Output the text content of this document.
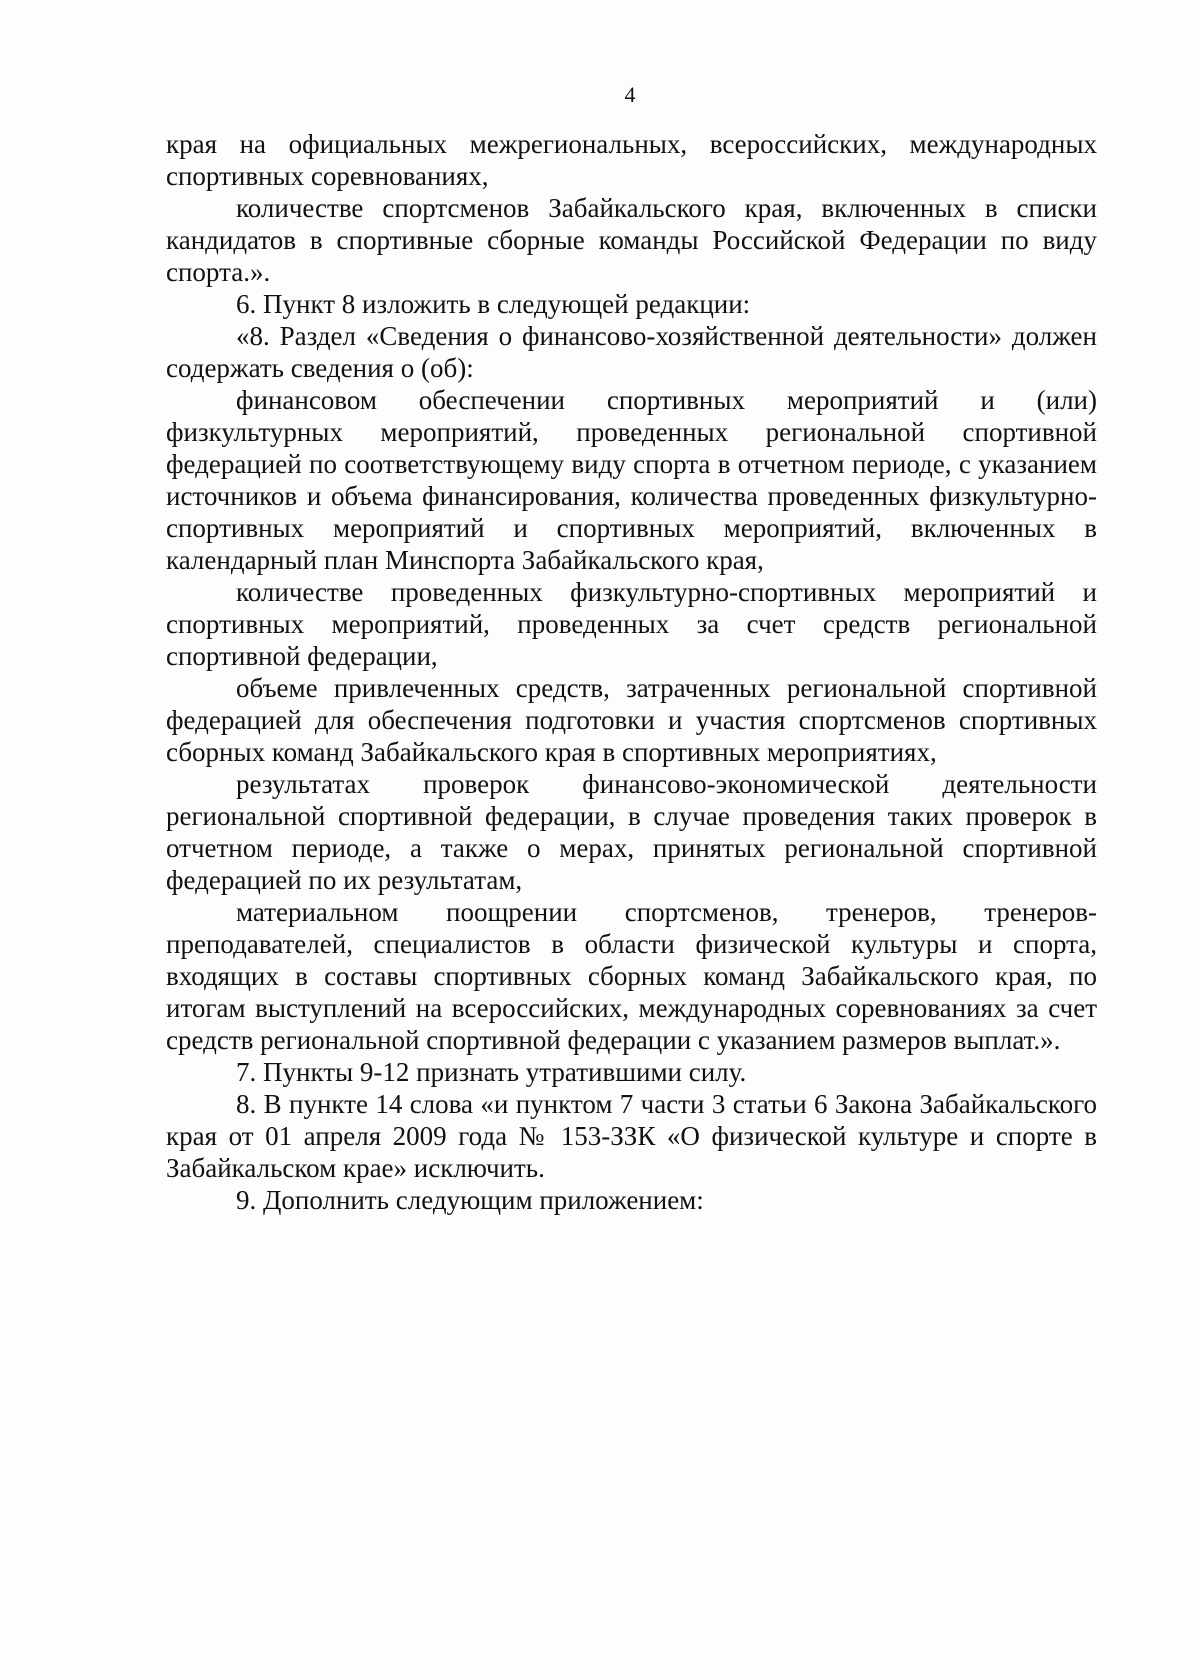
4

края на официальных межрегиональных, всероссийских, международных спортивных соревнованиях,

количестве спортсменов Забайкальского края, включенных в списки кандидатов в спортивные сборные команды Российской Федерации по виду спорта.».

6. Пункт 8 изложить в следующей редакции:

«8. Раздел «Сведения о финансово-хозяйственной деятельности» должен содержать сведения о (об):

финансовом обеспечении спортивных мероприятий и (или) физкультурных мероприятий, проведенных региональной спортивной федерацией по соответствующему виду спорта в отчетном периоде, с указанием источников и объема финансирования, количества проведенных физкультурно-спортивных мероприятий и спортивных мероприятий, включенных в календарный план Минспорта Забайкальского края,

количестве проведенных физкультурно-спортивных мероприятий и спортивных мероприятий, проведенных за счет средств региональной спортивной федерации,

объеме привлеченных средств, затраченных региональной спортивной федерацией для обеспечения подготовки и участия спортсменов спортивных сборных команд Забайкальского края в спортивных мероприятиях,

результатах проверок финансово-экономической деятельности региональной спортивной федерации, в случае проведения таких проверок в отчетном периоде, а также о мерах, принятых региональной спортивной федерацией по их результатам,

материальном поощрении спортсменов, тренеров, тренеров-преподавателей, специалистов в области физической культуры и спорта, входящих в составы спортивных сборных команд Забайкальского края, по итогам выступлений на всероссийских, международных соревнованиях за счет средств региональной спортивной федерации с указанием размеров выплат.».

7. Пункты 9-12 признать утратившими силу.

8. В пункте 14 слова «и пунктом 7 части 3 статьи 6 Закона Забайкальского края от 01 апреля 2009 года № 153-ЗЗК «О физической культуре и спорте в Забайкальском крае» исключить.

9. Дополнить следующим приложением:
